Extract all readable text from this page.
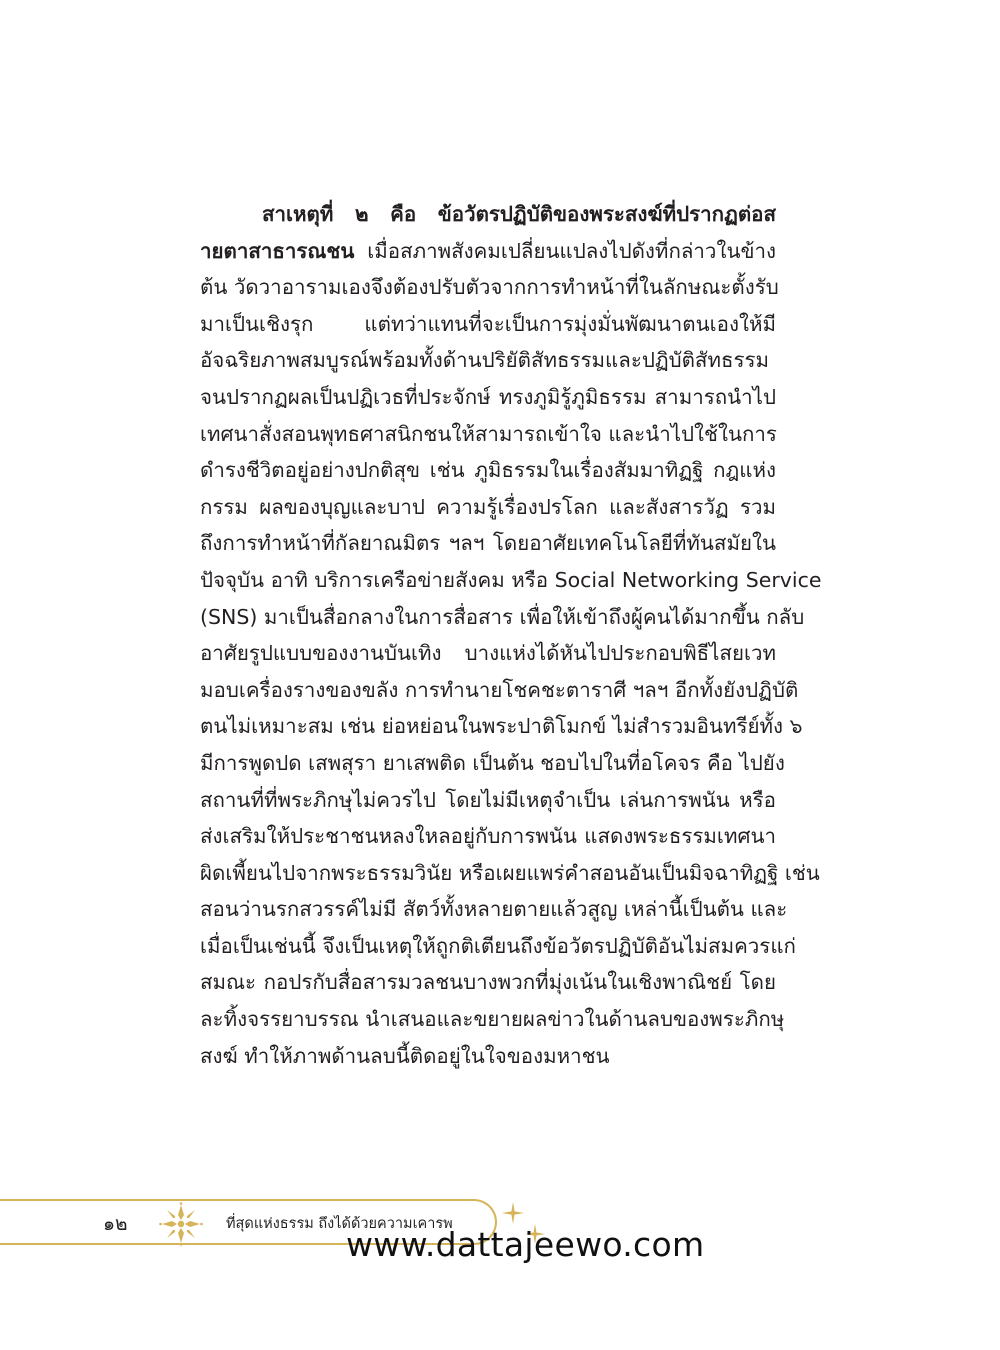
สาเหตุที่ ๒ คือ ข้อวัตรปฏิบัติของพระสงฆ์ที่ปรากฏต่อส
ายตาสาธารณชน เมื่อสภาพสังคมเปลี่ยนแปลงไปดังที่กล่าวในข้าง
ต้น วัดวาอารามเองจึงต้องปรับตัวจากการทำหน้าที่ในลักษณะตั้งรับ
มาเป็นเชิงรุก แต่ทว่าแทนที่จะเป็นการมุ่งมั่นพัฒนาตนเองให้มี
อัจฉริยภาพสมบูรณ์พร้อมทั้งด้านปริยัติสัทธรรมและปฏิบัติสัทธรรม
จนปรากฏผลเป็นปฏิเวธที่ประจักษ์ ทรงภูมิรู้ภูมิธรรม สามารถนำไป
เทศนาสั่งสอนพุทธศาสนิกชนให้สามารถเข้าใจ และนำไปใช้ในการ
ดำรงชีวิตอยู่อย่างปกติสุข เช่น ภูมิธรรมในเรื่องสัมมาทิฏฐิ กฎแห่ง
กรรม ผลของบุญและบาป ความรู้เรื่องปรโลก และสังสารวัฏ รวม
ถึงการทำหน้าที่กัลยาณมิตร ฯลฯ โดยอาศัยเทคโนโลยีที่ทันสมัยใน
ปัจจุบัน อาทิ บริการเครือข่ายสังคม หรือ Social Networking Service
(SNS) มาเป็นสื่อกลางในการสื่อสาร เพื่อให้เข้าถึงผู้คนได้มากขึ้น กลับ
อาศัยรูปแบบของงานบันเทิง บางแห่งได้หันไปประกอบพิธีไสยเวท
มอบเครื่องรางของขลัง การทำนายโชคชะตาราศี ฯลฯ อีกทั้งยังปฏิบัติ
ตนไม่เหมาะสม เช่น ย่อหย่อนในพระปาติโมกข์ ไม่สำรวมอินทรีย์ทั้ง ๖
มีการพูดปด เสพสุรา ยาเสพติด เป็นต้น ชอบไปในที่อโคจร คือ ไปยัง
สถานที่ที่พระภิกษุไม่ควรไป โดยไม่มีเหตุจำเป็น เล่นการพนัน หรือ
ส่งเสริมให้ประชาชนหลงใหลอยู่กับการพนัน แสดงพระธรรมเทศนา
ผิดเพี้ยนไปจากพระธรรมวินัย หรือเผยแพร่คำสอนอันเป็นมิจฉาทิฏฐิ เช่น
สอนว่านรกสวรรค์ไม่มี สัตว์ทั้งหลายตายแล้วสูญ เหล่านี้เป็นต้น และ
เมื่อเป็นเช่นนี้ จึงเป็นเหตุให้ถูกติเตียนถึงข้อวัตรปฏิบัติอันไม่สมควรแก่
สมณะ กอปรกับสื่อสารมวลชนบางพวกที่มุ่งเน้นในเชิงพาณิชย์ โดย
ละทิ้งจรรยาบรรณ นำเสนอและขยายผลข่าวในด้านลบของพระภิกษุ
สงฆ์ ทำให้ภาพด้านลบนี้ติดอยู่ในใจของมหาชน
๑๒	ที่สุดแห่งธรรม ถึงได้ด้วยความเคารพ
www.dattajeewo.com
